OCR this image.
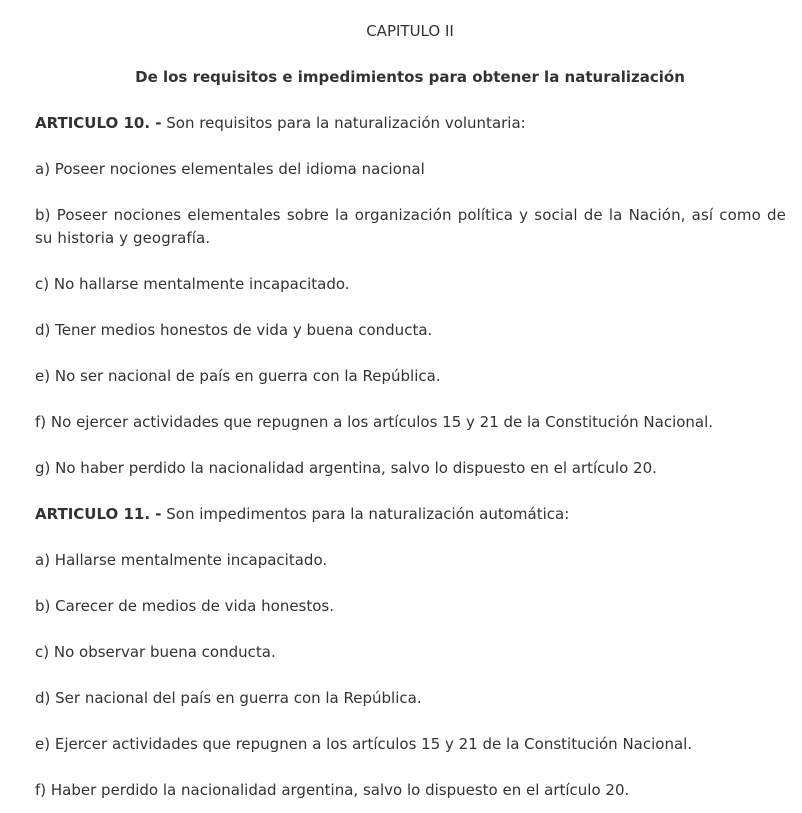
CAPITULO II

De los requisitos e impedimientos para obtener la naturalización

ARTICULO 10. - Son requisitos para la naturalización voluntaria:

a) Poseer nociones elementales del idioma nacional

b) Poseer nociones elementales sobre la organización política y social de la Nación, así como de su historia y geografía.

c) No hallarse mentalmente incapacitado.

d) Tener medios honestos de vida y buena conducta.

e) No ser nacional de país en guerra con la República.

f) No ejercer actividades que repugnen a los artículos 15 y 21 de la Constitución Nacional.

g) No haber perdido la nacionalidad argentina, salvo lo dispuesto en el artículo 20.

ARTICULO 11. - Son impedimentos para la naturalización automática:

a) Hallarse mentalmente incapacitado.

b) Carecer de medios de vida honestos.

c) No observar buena conducta.

d) Ser nacional del país en guerra con la República.

e) Ejercer actividades que repugnen a los artículos 15 y 21 de la Constitución Nacional.

f) Haber perdido la nacionalidad argentina, salvo lo dispuesto en el artículo 20.
